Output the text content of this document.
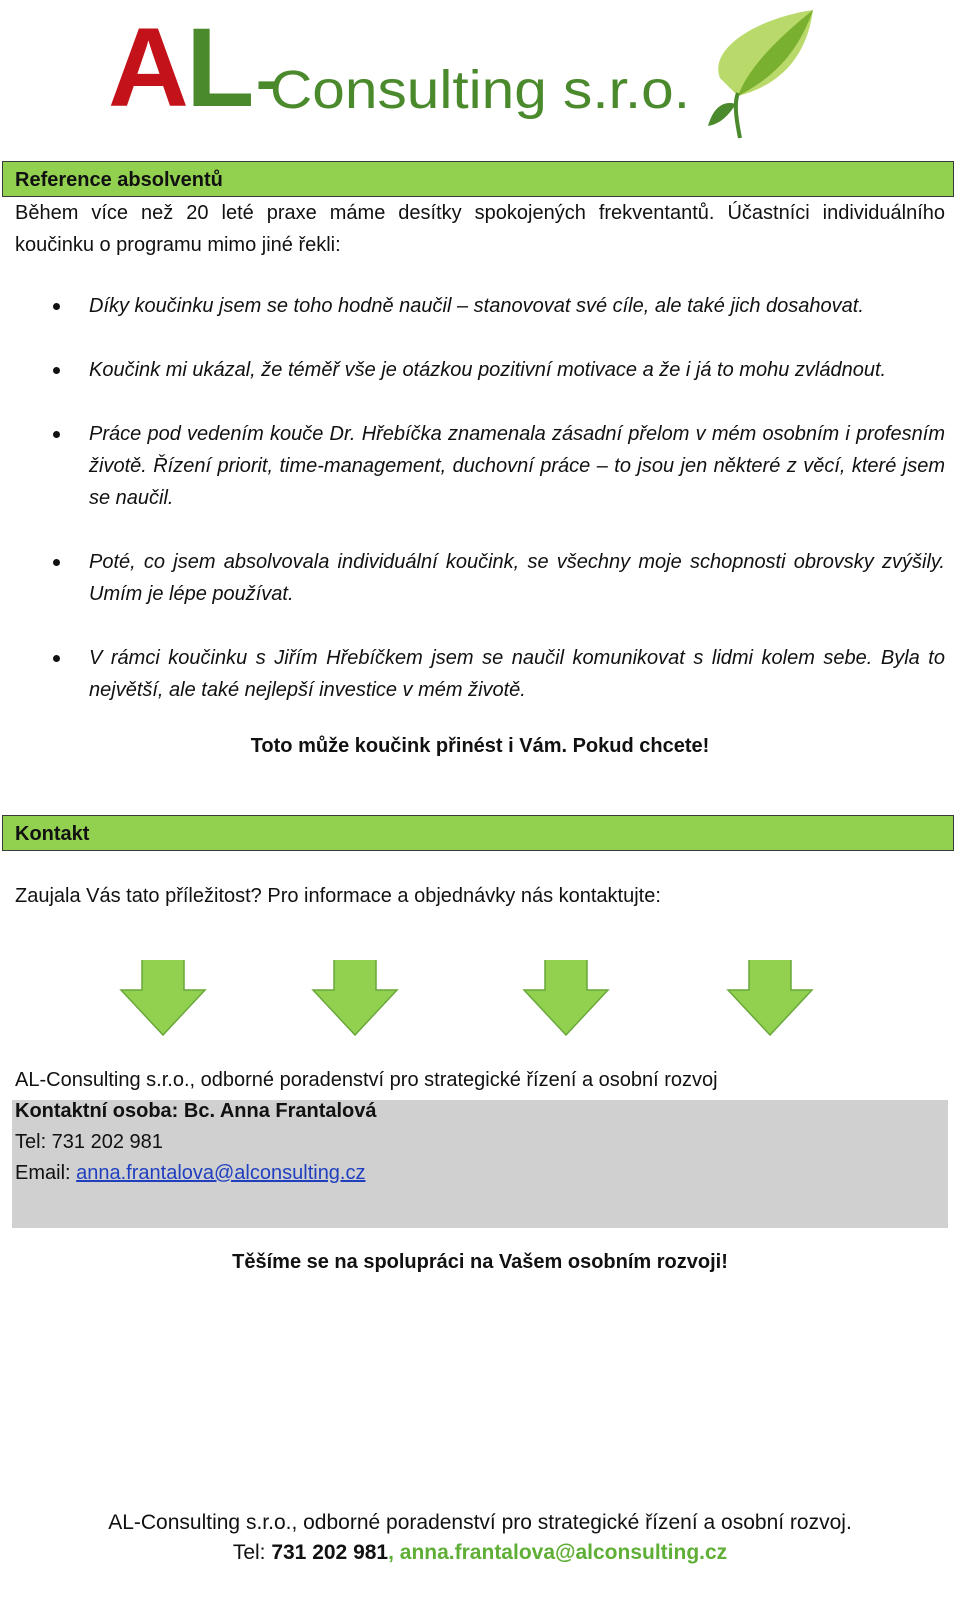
A
L -
Consulting s.r.o.
Reference absolventů
Během více než 20 leté praxe máme desítky spokojených frekventantů. Účastníci individuálního koučinku o programu mimo jiné řekli:
Díky koučinku jsem se toho hodně naučil – stanovovat své cíle, ale také jich dosahovat.
Koučink mi ukázal, že téměř vše je otázkou pozitivní motivace a že i já to mohu zvládnout.
Práce pod vedením kouče Dr. Hřebíčka znamenala zásadní přelom v mém osobním i profesním životě. Řízení priorit, time-management, duchovní práce – to jsou jen některé z věcí, které jsem se naučil.
Poté, co jsem absolvovala individuální koučink, se všechny moje schopnosti obrovsky zvýšily. Umím je lépe používat.
V rámci koučinku s Jiřím Hřebíčkem jsem se naučil komunikovat s lidmi kolem sebe. Byla to největší, ale také nejlepší investice v mém životě.
Toto může koučink přinést i Vám. Pokud chcete!
Kontakt
Zaujala Vás tato příležitost? Pro informace a objednávky nás kontaktujte:
AL-Consulting s.r.o., odborné poradenství pro strategické řízení a osobní rozvoj
Kontaktní osoba: Bc. Anna Frantalová
Tel: 731 202 981
Email: anna.frantalova@alconsulting.cz
Těšíme se na spolupráci na Vašem osobním rozvoji!
AL-Consulting s.r.o., odborné poradenství pro strategické řízení a osobní rozvoj.
Tel: 731 202 981, anna.frantalova@alconsulting.cz
